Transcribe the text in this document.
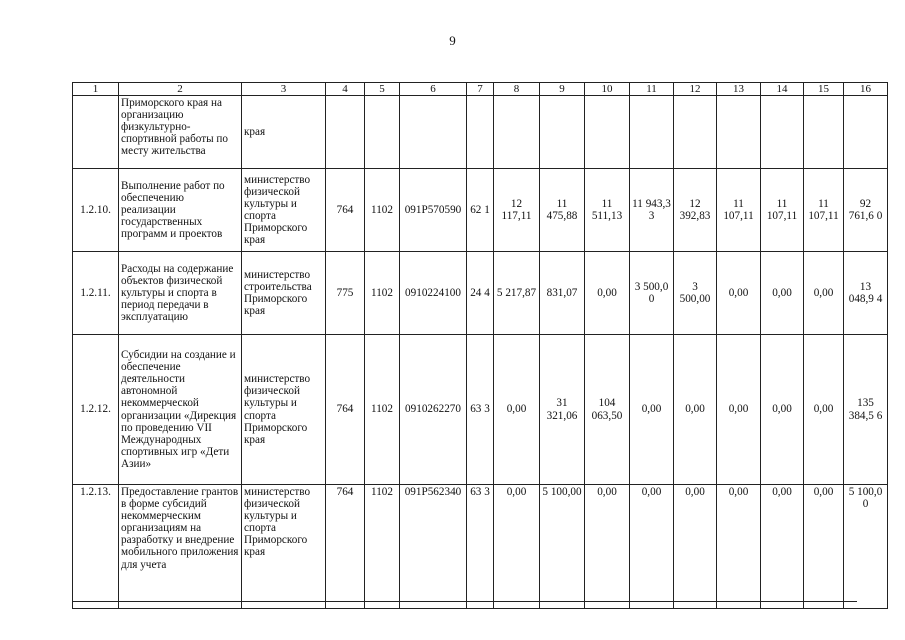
9
1	2	3	4	5	6	7	8	9	10	11	12	13	14	15	16
	Приморского края на организацию физкультурно-спортивной работы по месту жительства	края													
1.2.10.	Выполнение работ по обеспечению реализации государственных программ и проектов	министерство физической культуры и спорта Приморского края	764	1102	091P570590	62 1	12 117,11	11 475,88	11 511,13	11 943,3 3	12 392,83	11 107,11	11 107,11	11 107,11	92 761,6 0
1.2.11.	Расходы на содержание объектов физической культуры и спорта в период передачи в эксплуатацию	министерство строительства Приморского края	775	1102	0910224100	24 4	5 217,87	831,07	0,00	3 500,0 0	3 500,00	0,00	0,00	0,00	13 048,9 4
1.2.12.	Субсидии на создание и обеспечение деятельности автономной некоммерческой организации «Дирекция по проведению VII Международных спортивных игр «Дети Азии»	министерство физической культуры и спорта Приморского края	764	1102	0910262270	63 3	0,00	31 321,06	104 063,50	0,00	0,00	0,00	0,00	0,00	135 384,5 6
1.2.13.	Предоставление грантов в форме субсидий некоммерческим организациям на разработку и внедрение мобильного приложения для учета	министерство физической культуры и спорта Приморского края	764	1102	091P562340	63 3	0,00	5 100,00	0,00	0,00	0,00	0,00	0,00	0,00	5 100,0 0
